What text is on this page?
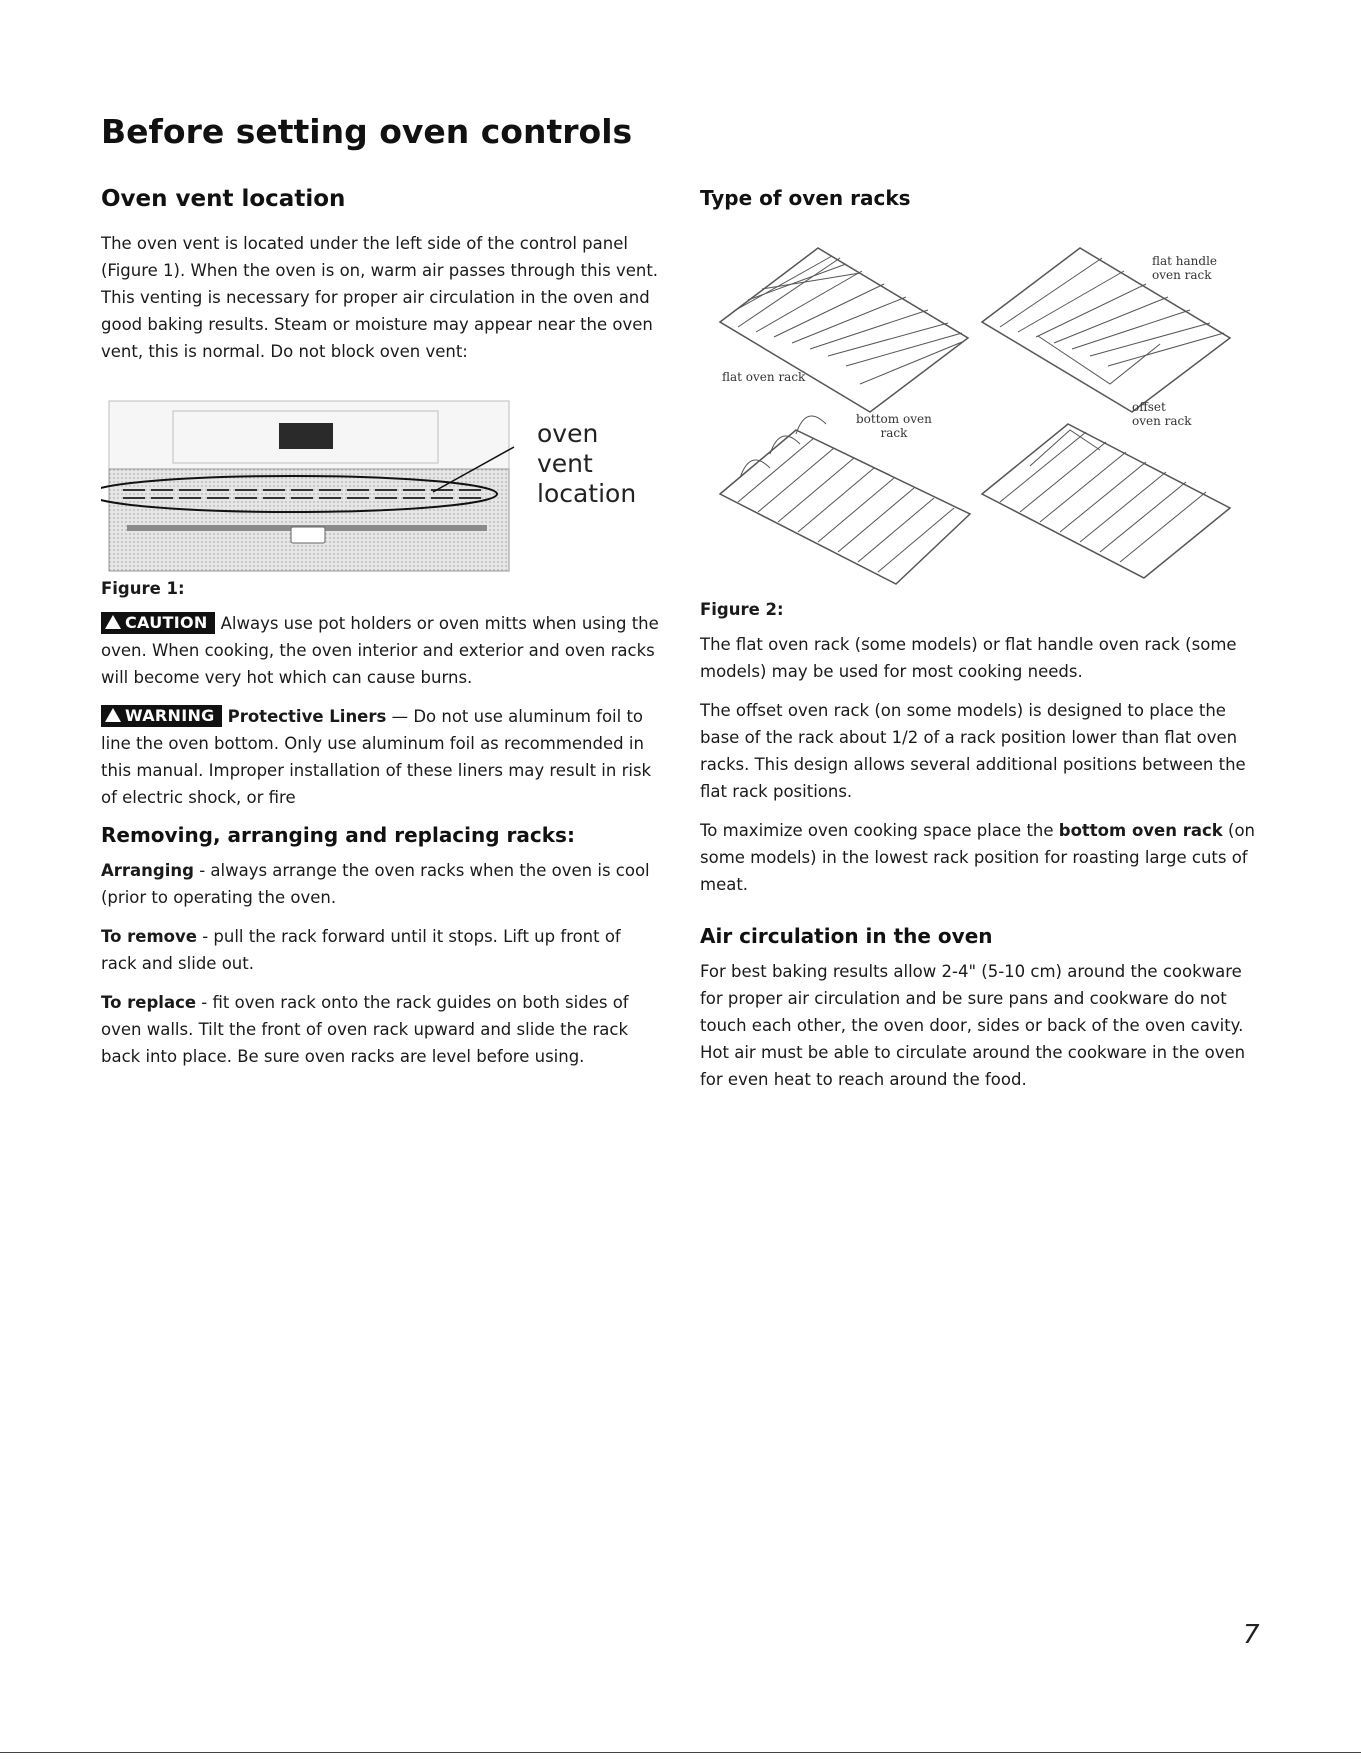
Before setting oven controls
Oven vent location

The oven vent is located under the left side of the control panel (Figure 1). When the oven is on, warm air passes through this vent. This venting is necessary for proper air circulation in the oven and good baking results. Steam or moisture may appear near the oven vent, this is normal. Do not block oven vent:

oven vent
location
Figure 1:

CAUTION Always use pot holders or oven mitts when using the oven. When cooking, the oven interior and exterior and oven racks will become very hot which can cause burns.

WARNING Protective Liners — Do not use aluminum foil to line the oven bottom. Only use aluminum foil as recommended in this manual. Improper installation of these liners may result in risk of electric shock, or fire

Removing, arranging and replacing racks:

Arranging - always arrange the oven racks when the oven is cool (prior to operating the oven.

To remove - pull the rack forward until it stops. Lift up front of rack and slide out.

To replace - fit oven rack onto the rack guides on both sides of oven walls. Tilt the front of oven rack upward and slide the rack back into place. Be sure oven racks are level before using.

Type of oven racks
flat oven rack
flat handle
oven rack
bottom oven
rack
offset
oven rack
Figure 2:

The flat oven rack (some models) or flat handle oven rack (some models) may be used for most cooking needs.

The offset oven rack (on some models) is designed to place the base of the rack about 1/2 of a rack position lower than flat oven racks. This design allows several additional positions between the flat rack positions.

To maximize oven cooking space place the bottom oven rack (on some models) in the lowest rack position for roasting large cuts of meat.

Air circulation in the oven

For best baking results allow 2-4" (5-10 cm) around the cookware for proper air circulation and be sure pans and cookware do not touch each other, the oven door, sides or back of the oven cavity. Hot air must be able to circulate around the cookware in the oven for even heat to reach around the food.

7
